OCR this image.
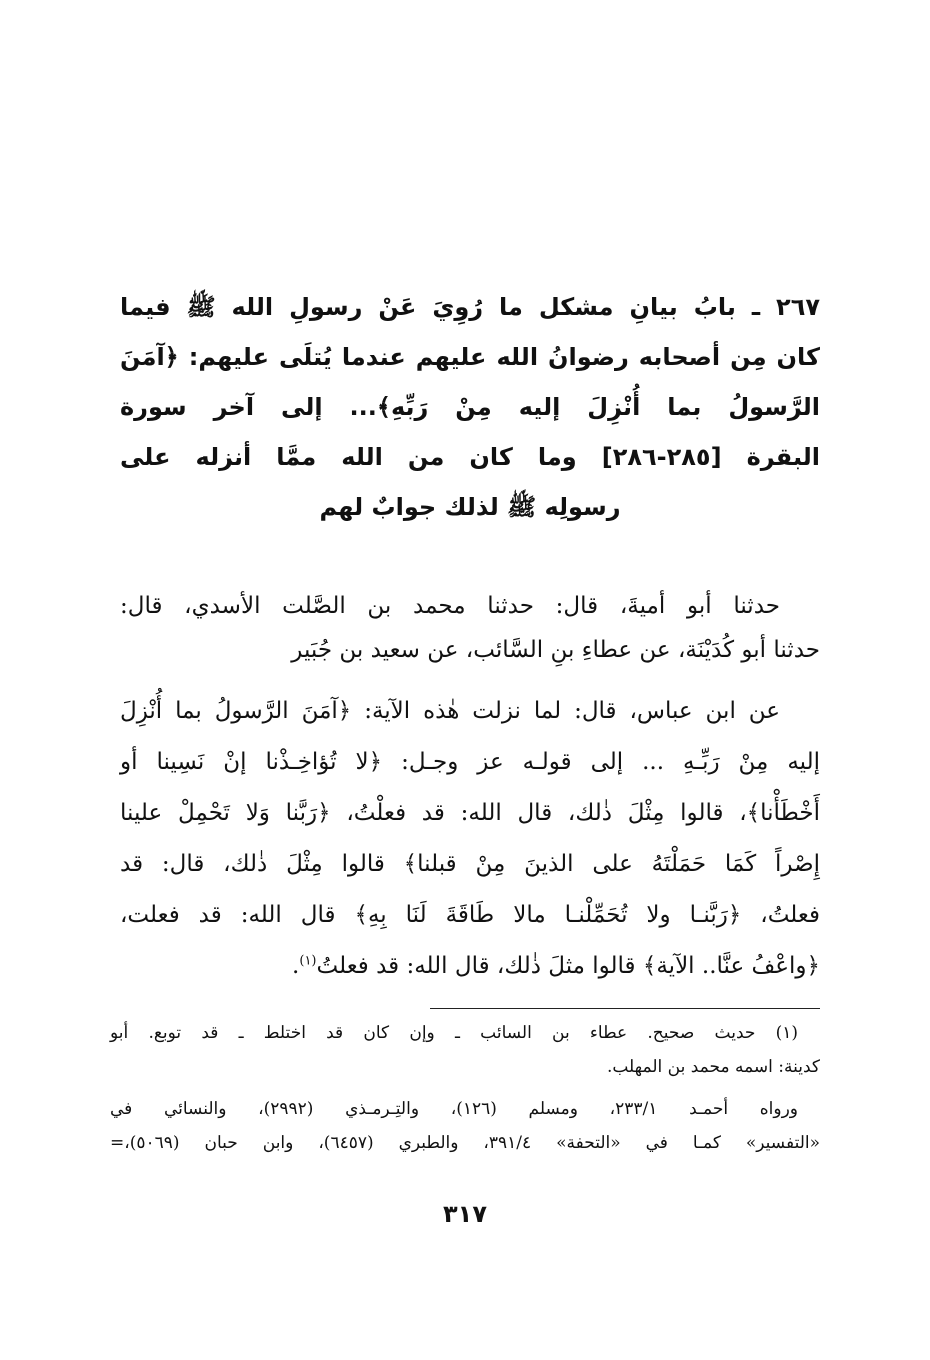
٢٦٧ ـ بابُ بيانِ مشكل ما رُوِيَ عَنْ رسولِ الله ﷺ فيما
كان مِن أصحابه رضوانُ الله عليهم عندما يُتلَى عليهم: ﴿آمَنَ
الرَّسولُ بما أُنْزِلَ إليه مِنْ رَبِّهِ﴾... إلى آخر سورة
البقرة [٢٨٥-٢٨٦] وما كان من الله ممَّا أنزله على
رسولِه ﷺ لذلك جوابٌ لهم
حدثنا أبو أميةَ، قال: حدثنا محمد بن الصَّلت الأسدي، قال:
حدثنا أبو كُدَيْنَة، عن عطاءِ بنِ السَّائب، عن سعيد بن جُبَير
عن ابن عباس، قال: لما نزلت هٰذه الآية: ﴿آمَنَ الرَّسولُ بما أُنْزِلَ
إليه مِنْ رَبِّـهِ ... إلى قولـه عز وجـل: ﴿لا تُؤاخِـذْنا إنْ نَسِينا أو
أَخْطَأْنا﴾، قالوا مِثْلَ ذٰلك، قال الله: قد فعلْتُ، ﴿رَبَّنا وَلا تَحْمِلْ علينا
إِصْراً كَمَا حَمَلْتَهُ على الذينَ مِنْ قبلنا﴾ قالوا مِثْلَ ذٰلك، قال: قد
فعلتُ، ﴿رَبَّنـا ولا تُحَمِّلْنـا مالا طَاقَةَ لَنَا بِهِ﴾ قال الله: قد فعلت،
﴿واعْفُ عنَّا.. الآية﴾ قالوا مثلَ ذٰلك، قال الله: قد فعلتُ$^{(١)}$.
(١) حديث صحيح. عطاء بن السائب ـ وإن كان قد اختلط ـ قد توبع. أبو
كدينة: اسمه محمد بن المهلب.
ورواه أحمـد ٢٣٣/١، ومسلم (١٢٦)، والتِـرمـذي (٢٩٩٢)، والنسائي في
«التفسير» كمـا في «التحفة» ٣٩١/٤، والطبري (٦٤٥٧)، وابن حبان (٥٠٦٩)،=
٣١٧
